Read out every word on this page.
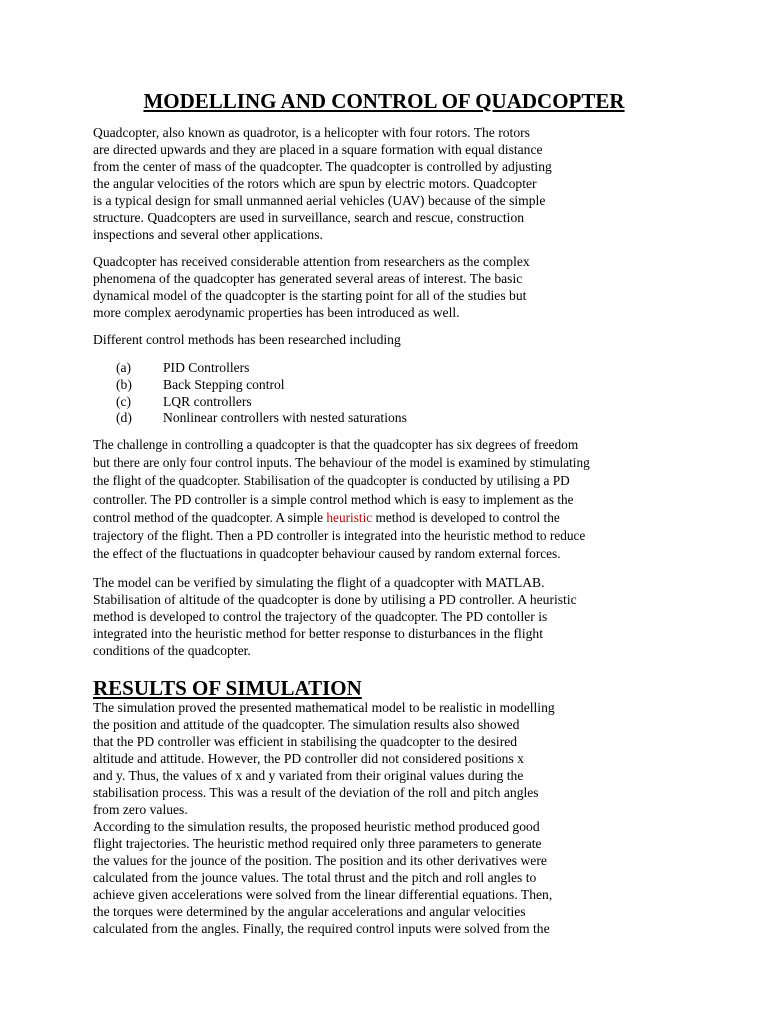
MODELLING AND CONTROL OF QUADCOPTER
Quadcopter, also known as quadrotor, is a helicopter with four rotors. The rotors
are directed upwards and they are placed in a square formation with equal distance
from the center of mass of the quadcopter. The quadcopter is controlled by adjusting
the angular velocities of the rotors which are spun by electric motors. Quadcopter
is a typical design for small unmanned aerial vehicles (UAV) because of the simple
structure. Quadcopters are used in surveillance, search and rescue, construction
inspections and several other applications.
Quadcopter has received considerable attention from researchers as the complex
phenomena of the quadcopter has generated several areas of interest. The basic
dynamical model of the quadcopter is the starting point for all of the studies but
more complex aerodynamic properties has been introduced as well.
Different control methods has been researched including
(a) PID Controllers
(b) Back Stepping control
(c) LQR controllers
(d) Nonlinear controllers with nested saturations
The challenge in controlling a quadcopter is that the quadcopter has six degrees of freedom
but there are only four control inputs. The behaviour of the model is examined by stimulating
the flight of the quadcopter. Stabilisation of the quadcopter is conducted by utilising a PD
controller. The PD controller is a simple control method which is easy to implement as the
control method of the quadcopter. A simple heuristic method is developed to control the
trajectory of the flight. Then a PD controller is integrated into the heuristic method to reduce
the effect of the fluctuations in quadcopter behaviour caused by random external forces.
The model can be verified by simulating the flight of a quadcopter with MATLAB.
Stabilisation of altitude of the quadcopter is done by utilising a PD controller. A heuristic
method is developed to control the trajectory of the quadcopter. The PD contoller is
integrated into the heuristic method for better response to disturbances in the flight
conditions of the quadcopter.
RESULTS OF SIMULATION
The simulation proved the presented mathematical model to be realistic in modelling
the position and attitude of the quadcopter. The simulation results also showed
that the PD controller was efficient in stabilising the quadcopter to the desired
altitude and attitude. However, the PD controller did not considered positions x
and y. Thus, the values of x and y variated from their original values during the
stabilisation process. This was a result of the deviation of the roll and pitch angles
from zero values.
According to the simulation results, the proposed heuristic method produced good
flight trajectories. The heuristic method required only three parameters to generate
the values for the jounce of the position. The position and its other derivatives were
calculated from the jounce values. The total thrust and the pitch and roll angles to
achieve given accelerations were solved from the linear differential equations. Then,
the torques were determined by the angular accelerations and angular velocities
calculated from the angles. Finally, the required control inputs were solved from the
